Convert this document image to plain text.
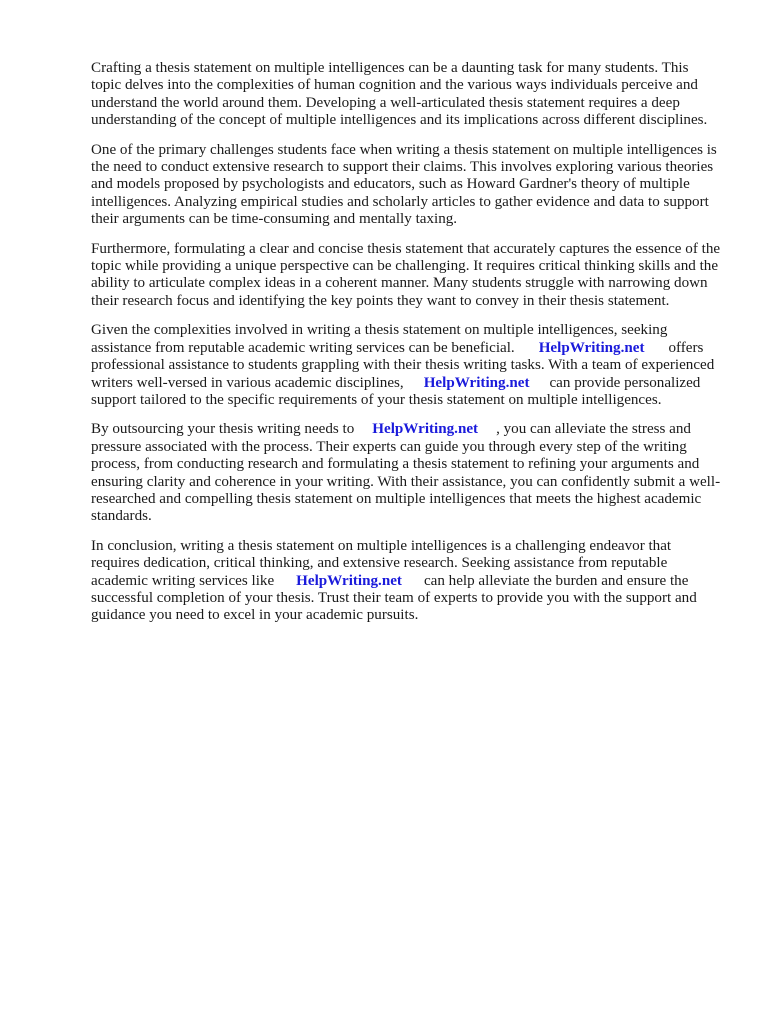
Crafting a thesis statement on multiple intelligences can be a daunting task for many students. This topic delves into the complexities of human cognition and the various ways individuals perceive and understand the world around them. Developing a well-articulated thesis statement requires a deep understanding of the concept of multiple intelligences and its implications across different disciplines.

One of the primary challenges students face when writing a thesis statement on multiple intelligences is the need to conduct extensive research to support their claims. This involves exploring various theories and models proposed by psychologists and educators, such as Howard Gardner's theory of multiple intelligences. Analyzing empirical studies and scholarly articles to gather evidence and data to support their arguments can be time-consuming and mentally taxing.

Furthermore, formulating a clear and concise thesis statement that accurately captures the essence of the topic while providing a unique perspective can be challenging. It requires critical thinking skills and the ability to articulate complex ideas in a coherent manner. Many students struggle with narrowing down their research focus and identifying the key points they want to convey in their thesis statement.

Given the complexities involved in writing a thesis statement on multiple intelligences, seeking assistance from reputable academic writing services can be beneficial. HelpWriting.net offers professional assistance to students grappling with their thesis writing tasks. With a team of experienced writers well-versed in various academic disciplines, HelpWriting.net can provide personalized support tailored to the specific requirements of your thesis statement on multiple intelligences.

By outsourcing your thesis writing needs to HelpWriting.net , you can alleviate the stress and pressure associated with the process. Their experts can guide you through every step of the writing process, from conducting research and formulating a thesis statement to refining your arguments and ensuring clarity and coherence in your writing. With their assistance, you can confidently submit a well-researched and compelling thesis statement on multiple intelligences that meets the highest academic standards.

In conclusion, writing a thesis statement on multiple intelligences is a challenging endeavor that requires dedication, critical thinking, and extensive research. Seeking assistance from reputable academic writing services like HelpWriting.net can help alleviate the burden and ensure the successful completion of your thesis. Trust their team of experts to provide you with the support and guidance you need to excel in your academic pursuits.
